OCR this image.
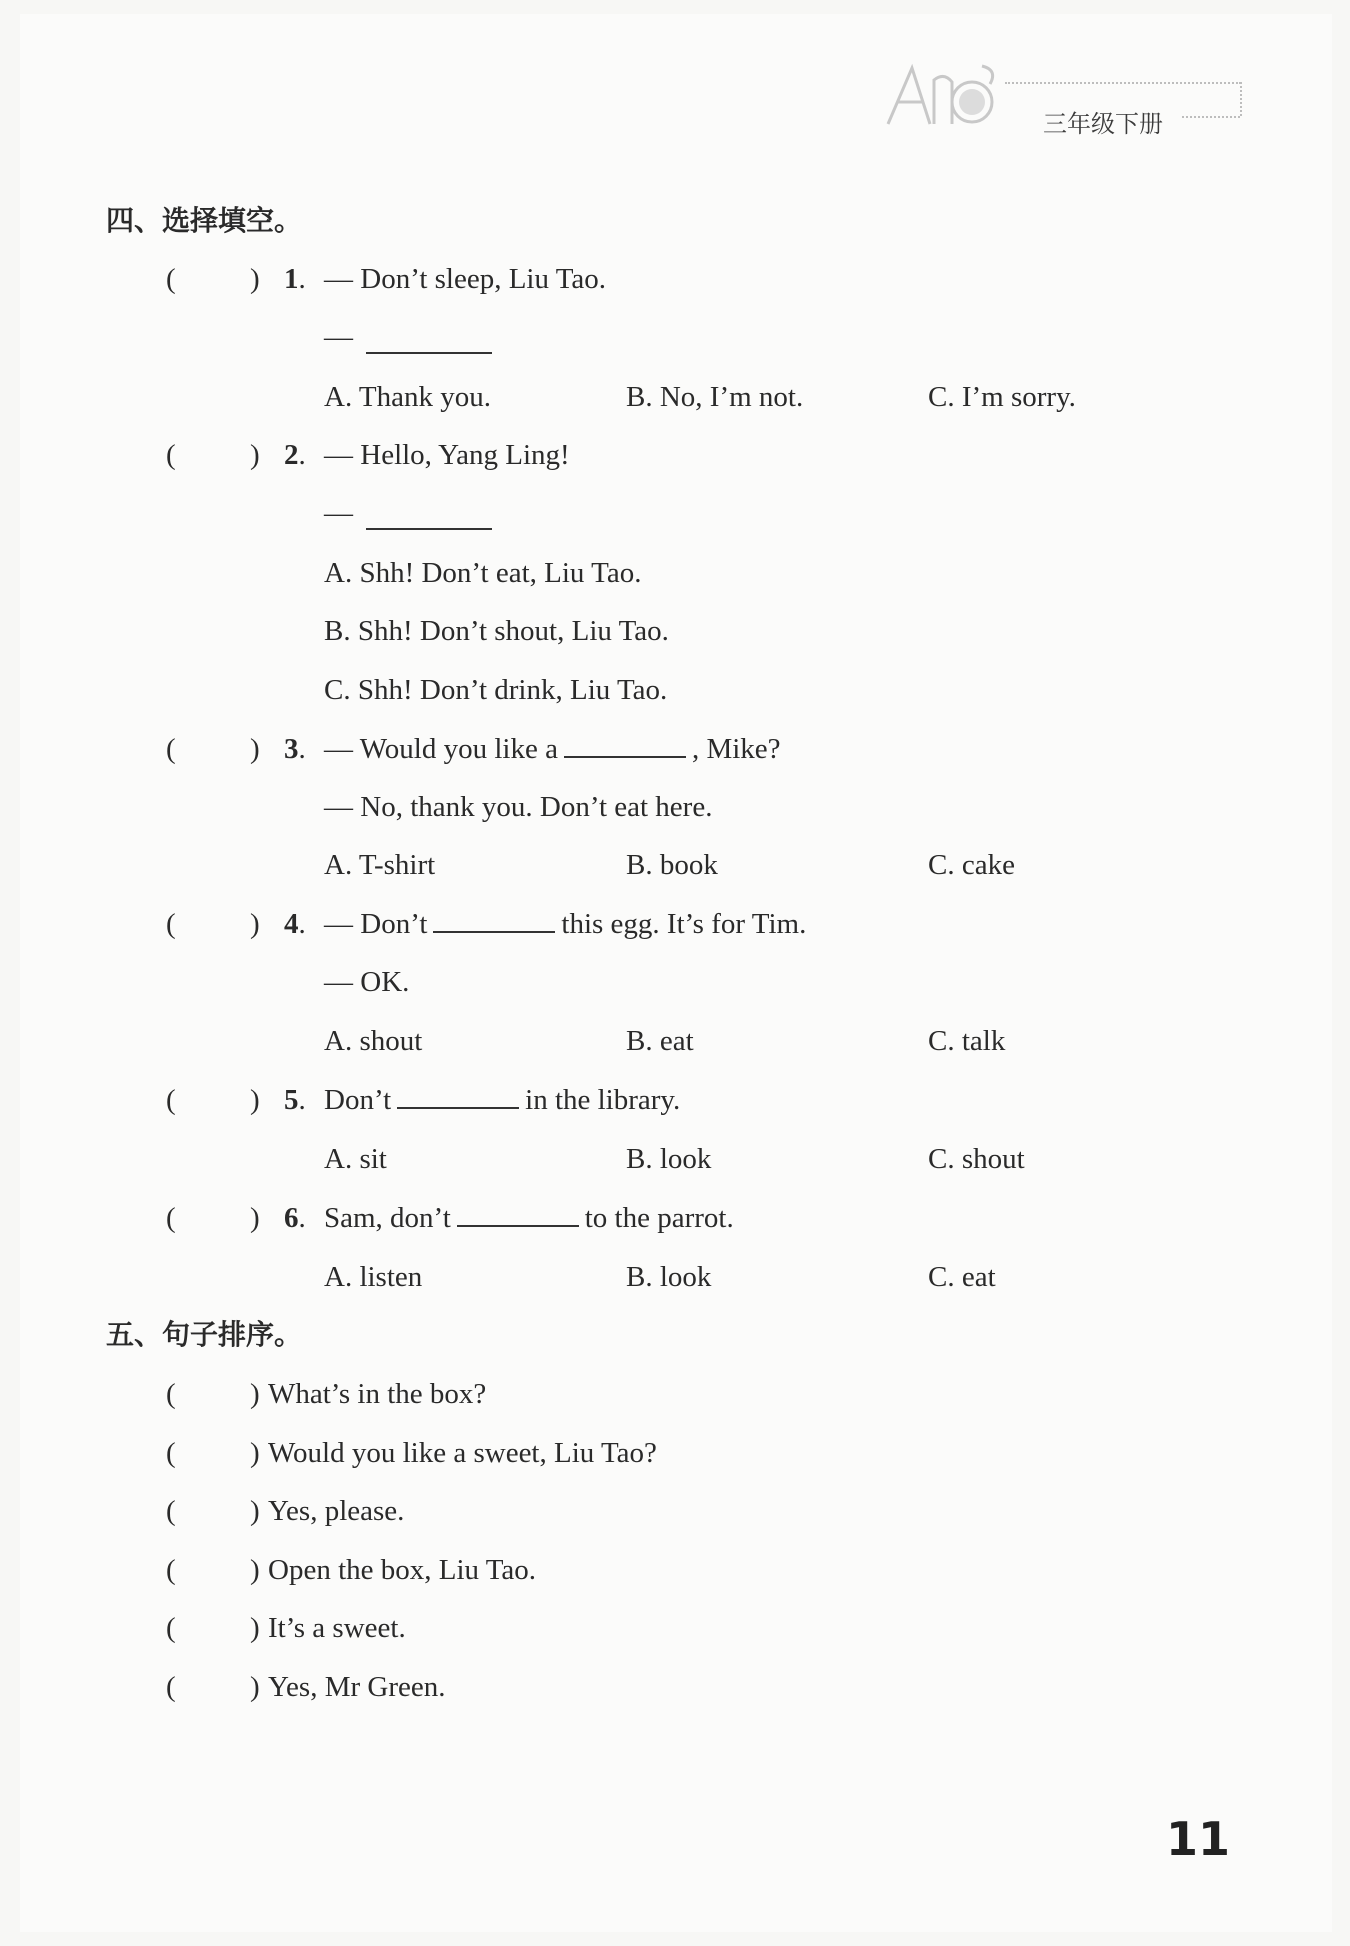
三年级下册
四、选择填空。
(	) 1. — Don’t sleep, Liu Tao.
—
A. Thank you.	B. No, I’m not.	C. I’m sorry.
(	) 2. — Hello, Yang Ling!
—
A. Shh! Don’t eat, Liu Tao.
B. Shh! Don’t shout, Liu Tao.
C. Shh! Don’t drink, Liu Tao.
(	) 3. — Would you like a	, Mike?
— No, thank you. Don’t eat here.
A. T-shirt	B. book	C. cake
(	) 4. — Don’t	this egg. It’s for Tim.
— OK.
A. shout	B. eat	C. talk
(	) 5. Don’t	in the library.
A. sit	B. look	C. shout
(	) 6. Sam, don’t	to the parrot.
A. listen	B. look	C. eat
五、句子排序。
(	) What’s in the box?
(	) Would you like a sweet, Liu Tao?
(	) Yes, please.
(	) Open the box, Liu Tao.
(	) It’s a sweet.
(	) Yes, Mr Green.
11
